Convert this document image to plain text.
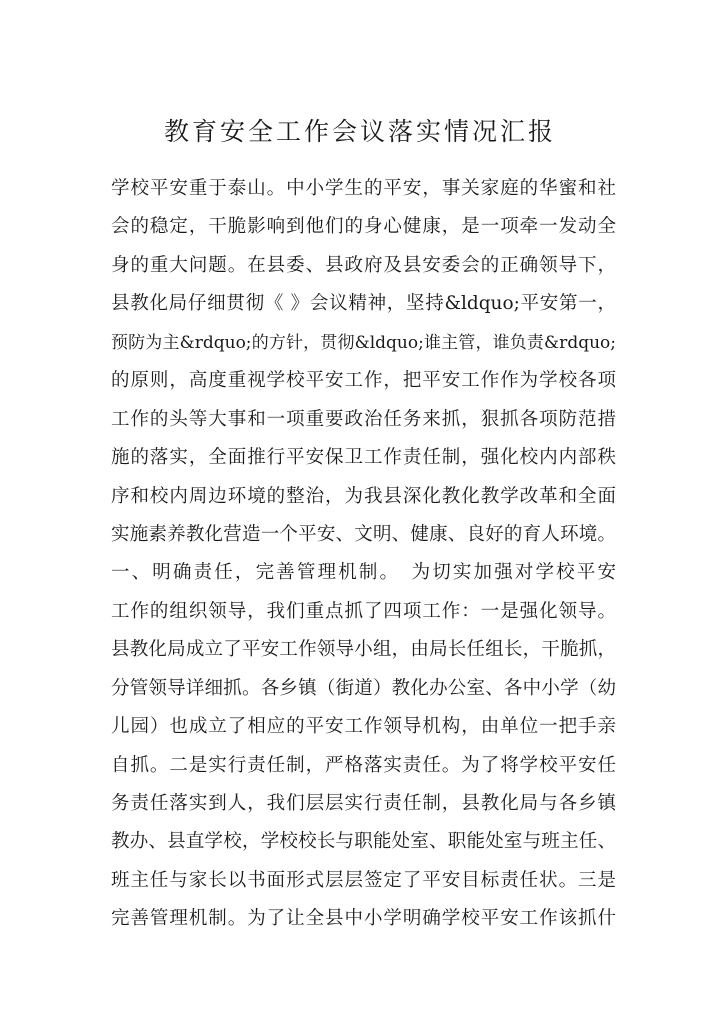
教育安全工作会议落实情况汇报
学校平安重于泰山。中小学生的平安，事关家庭的华蜜和社
会的稳定，干脆影响到他们的身心健康，是一项牵一发动全
身的重大问题。在县委、县政府及县安委会的正确领导下，
县教化局仔细贯彻《 》会议精神，坚持&ldquo;平安第一，
预防为主&rdquo;的方针，贯彻&ldquo;谁主管，谁负责&rdquo;
的原则，高度重视学校平安工作，把平安工作作为学校各项
工作的头等大事和一项重要政治任务来抓，狠抓各项防范措
施的落实，全面推行平安保卫工作责任制，强化校内内部秩
序和校内周边环境的整治，为我县深化教化教学改革和全面
实施素养教化营造一个平安、文明、健康、良好的育人环境。
一、明确责任，完善管理机制。　为切实加强对学校平安
工作的组织领导，我们重点抓了四项工作：一是强化领导。
县教化局成立了平安工作领导小组，由局长任组长，干脆抓，
分管领导详细抓。各乡镇（街道）教化办公室、各中小学（幼
儿园）也成立了相应的平安工作领导机构，由单位一把手亲
自抓。二是实行责任制，严格落实责任。为了将学校平安任
务责任落实到人，我们层层实行责任制，县教化局与各乡镇
教办、县直学校，学校校长与职能处室、职能处室与班主任、
班主任与家长以书面形式层层签定了平安目标责任状。三是
完善管理机制。为了让全县中小学明确学校平安工作该抓什
